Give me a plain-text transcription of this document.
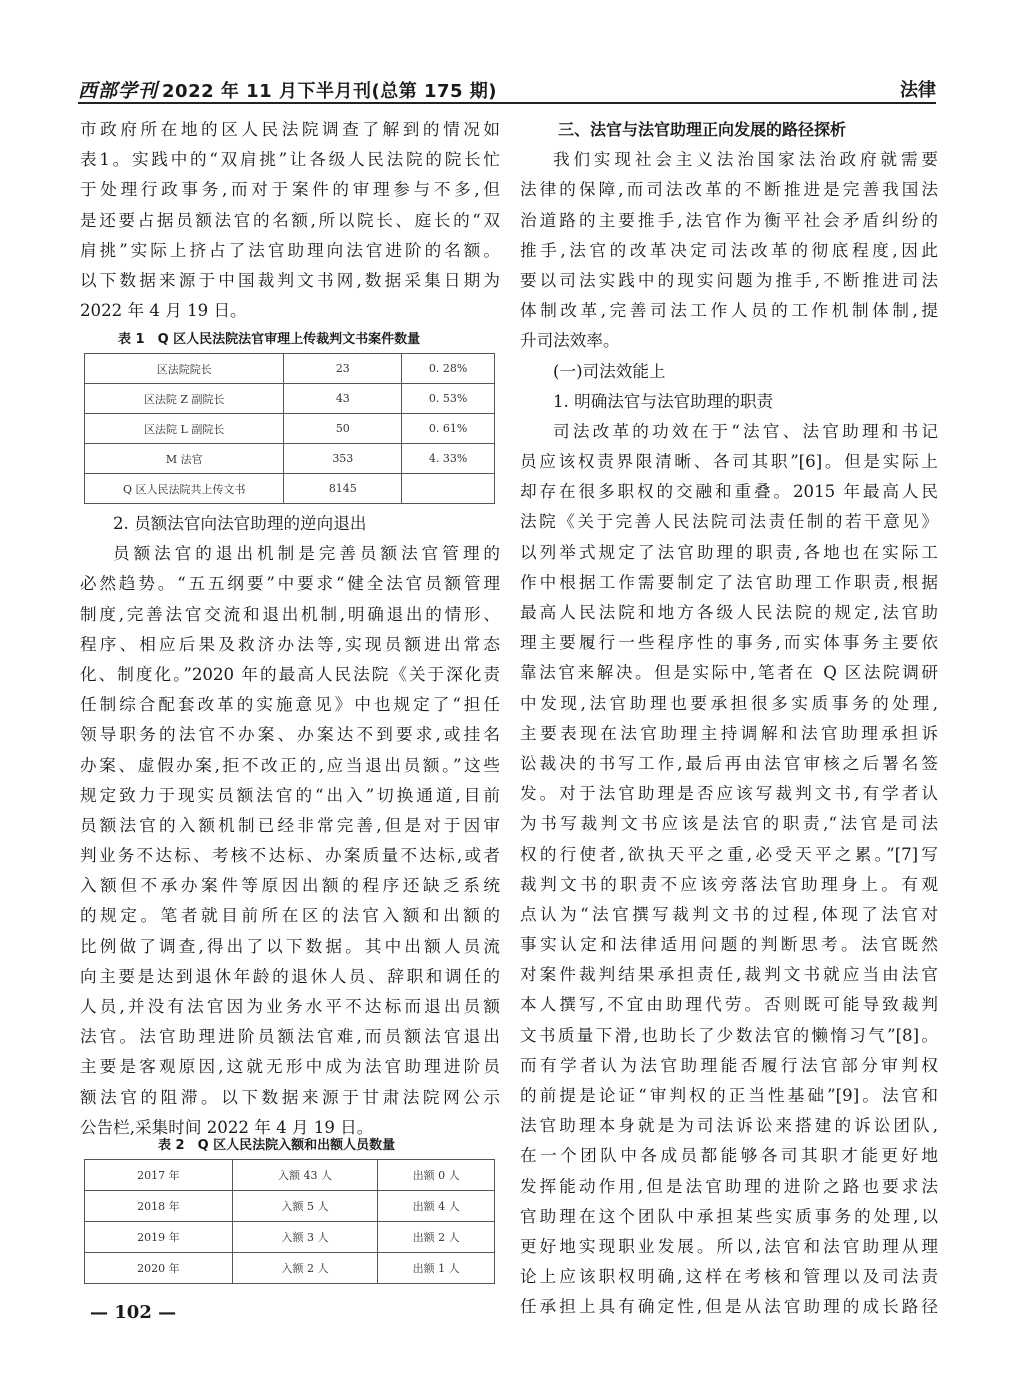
西部学刊 2022 年 11 月下半月刊(总第 175 期)	法律
市政府所在地的区人民法院调查了解到的情况如
表1。实践中的“双肩挑”让各级人民法院的院长忙
于处理行政事务,而对于案件的审理参与不多,但
是还要占据员额法官的名额,所以院长、庭长的“双
肩挑”实际上挤占了法官助理向法官进阶的名额。
以下数据来源于中国裁判文书网,数据采集日期为
2022 年 4 月 19 日。
表 1　Q 区人民法院法官审理上传裁判文书案件数量
区法院院长	23	0. 28%
区法院 Z 副院长	43	0. 53%
区法院 L 副院长	50	0. 61%
M 法官	353	4. 33%
Q 区人民法院共上传文书	8145	
2. 员额法官向法官助理的逆向退出
员额法官的退出机制是完善员额法官管理的
必然趋势。“五五纲要”中要求“健全法官员额管理
制度,完善法官交流和退出机制,明确退出的情形、
程序、相应后果及救济办法等,实现员额进出常态
化、制度化。”2020 年的最高人民法院《关于深化责
任制综合配套改革的实施意见》中也规定了“担任
领导职务的法官不办案、办案达不到要求,或挂名
办案、虚假办案,拒不改正的,应当退出员额。”这些
规定致力于现实员额法官的“出入”切换通道,目前
员额法官的入额机制已经非常完善,但是对于因审
判业务不达标、考核不达标、办案质量不达标,或者
入额但不承办案件等原因出额的程序还缺乏系统
的规定。笔者就目前所在区的法官入额和出额的
比例做了调查,得出了以下数据。其中出额人员流
向主要是达到退休年龄的退休人员、辞职和调任的
人员,并没有法官因为业务水平不达标而退出员额
法官。法官助理进阶员额法官难,而员额法官退出
主要是客观原因,这就无形中成为法官助理进阶员
额法官的阻滞。以下数据来源于甘肃法院网公示
公告栏,采集时间 2022 年 4 月 19 日。
表 2　Q 区人民法院入额和出额人员数量
2017 年	入额 43 人	出额 0 人
2018 年	入额 5 人	出额 4 人
2019 年	入额 3 人	出额 2 人
2020 年	入额 2 人	出额 1 人
三、法官与法官助理正向发展的路径探析
我们实现社会主义法治国家法治政府就需要
法律的保障,而司法改革的不断推进是完善我国法
治道路的主要推手,法官作为衡平社会矛盾纠纷的
推手,法官的改革决定司法改革的彻底程度,因此
要以司法实践中的现实问题为推手,不断推进司法
体制改革,完善司法工作人员的工作机制体制,提
升司法效率。
(一)司法效能上
1. 明确法官与法官助理的职责
司法改革的功效在于“法官、法官助理和书记
员应该权责界限清晰、各司其职”[6]。但是实际上
却存在很多职权的交融和重叠。2015 年最高人民
法院《关于完善人民法院司法责任制的若干意见》
以列举式规定了法官助理的职责,各地也在实际工
作中根据工作需要制定了法官助理工作职责,根据
最高人民法院和地方各级人民法院的规定,法官助
理主要履行一些程序性的事务,而实体事务主要依
靠法官来解决。但是实际中,笔者在 Q 区法院调研
中发现,法官助理也要承担很多实质事务的处理,
主要表现在法官助理主持调解和法官助理承担诉
讼裁决的书写工作,最后再由法官审核之后署名签
发。对于法官助理是否应该写裁判文书,有学者认
为书写裁判文书应该是法官的职责,“法官是司法
权的行使者,欲执天平之重,必受天平之累。”[7]写
裁判文书的职责不应该旁落法官助理身上。有观
点认为“法官撰写裁判文书的过程,体现了法官对
事实认定和法律适用问题的判断思考。法官既然
对案件裁判结果承担责任,裁判文书就应当由法官
本人撰写,不宜由助理代劳。否则既可能导致裁判
文书质量下滑,也助长了少数法官的懒惰习气”[8]。
而有学者认为法官助理能否履行法官部分审判权
的前提是论证“审判权的正当性基础”[9]。法官和
法官助理本身就是为司法诉讼来搭建的诉讼团队,
在一个团队中各成员都能够各司其职才能更好地
发挥能动作用,但是法官助理的进阶之路也要求法
官助理在这个团队中承担某些实质事务的处理,以
更好地实现职业发展。所以,法官和法官助理从理
论上应该职权明确,这样在考核和管理以及司法责
任承担上具有确定性,但是从法官助理的成长路径
— 102 —
